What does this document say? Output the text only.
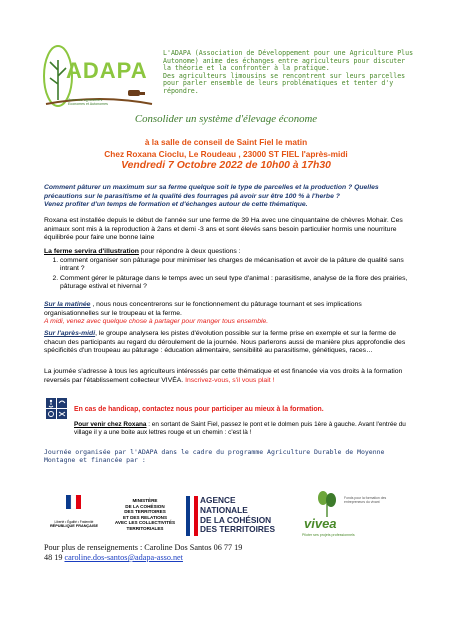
ADAPA
Avec nos agriculteurs
Economes et Autonomes

L'ADAPA (Association de Développement pour une Agriculture Plus Autonome) anime des échanges entre agriculteurs pour discuter la théorie et la confronter à la pratique.

Des agriculteurs limousins se rencontrent sur leurs parcelles pour parler ensemble de leurs problématiques et tenter d'y répondre.

Consolider un système d'élevage économe
à la salle de conseil de Saint Fiel le matin
Chez Roxana Cioclu, Le Roudeau , 23000 ST FIEL l'après-midi
Vendredi 7 Octobre 2022 de 10h00 à 17h30
Comment pâturer un maximum sur sa ferme quelque soit le type de parcelles et la production ? Quelles précautions sur le parasitisme et la qualité des fourrages pâ avoir sur être 100 % à l'herbe ?
Venez profiter d'un temps de formation et d'échanges autour de cette thématique.
Roxana est installée depuis le début de l'année sur une ferme de 39 Ha avec une cinquantaine de chèvres Mohair. Ces animaux sont mis à la reproduction à 2ans et demi -3 ans et sont élevés sans besoin particulier hormis une nourriture équilibrée pour faire une bonne laine
La ferme servira d'illustration pour répondre à deux questions :
1. comment organiser son pâturage pour minimiser les charges de mécanisation et avoir de la pâture de qualité sans intrant ?
2. Comment gérer le pâturage dans le temps avec un seul type d'animal : parasitisme, analyse de la flore des prairies, pâturage estival et hivernal ?
Sur la matinée , nous nous concentrerons sur le fonctionnement du pâturage tournant et ses implications organisationnelles sur le troupeau et la ferme.
A midi, venez avec quelque chose à partager pour manger tous ensemble.
Sur l'après-midi, le groupe analysera les pistes d'évolution possible sur la ferme prise en exemple et sur la ferme de chacun des participants au regard du déroulement de la journée. Nous parlerons aussi de manière plus approfondie des spécificités d'un troupeau au pâturage : éducation alimentaire, sensibilité au parasitisme, génétiques, races…
La journée s'adresse à tous les agriculteurs intéressés par cette thématique et est financée via vos droits à la formation reversés par l'établissement collecteur VIVÉA. Inscrivez-vous, s'il vous plait !
En cas de handicap, contactez nous pour participer au mieux à la formation.
Pour venir chez Roxana : en sortant de Saint Fiel, passez le pont et le dolmen puis 1ère à gauche. Avant l'entrée du village il y a une boite aux lettres rouge et un chemin : c'est là !
Journée organisée par l'ADAPA dans le cadre du programme Agriculture Durable de Moyenne Montagne et financée par :
Liberté • Égalité • Fraternité
RÉPUBLIQUE FRANÇAISE
MINISTÈRE
DE LA COHÉSION
DES TERRITOIRES
ET DES RELATIONS
AVEC LES COLLECTIVITÉS
TERRITORIALES
AGENCE
NATIONALE
DE LA COHÉSION
DES TERRITOIRES
Fonds pour la formation des entrepreneurs du vivant
vivea
Piloter ses projets professionnels
Pour plus de renseignements : Caroline Dos Santos 06 77 19
48 19 caroline.dos-santos@adapa-asso.net
